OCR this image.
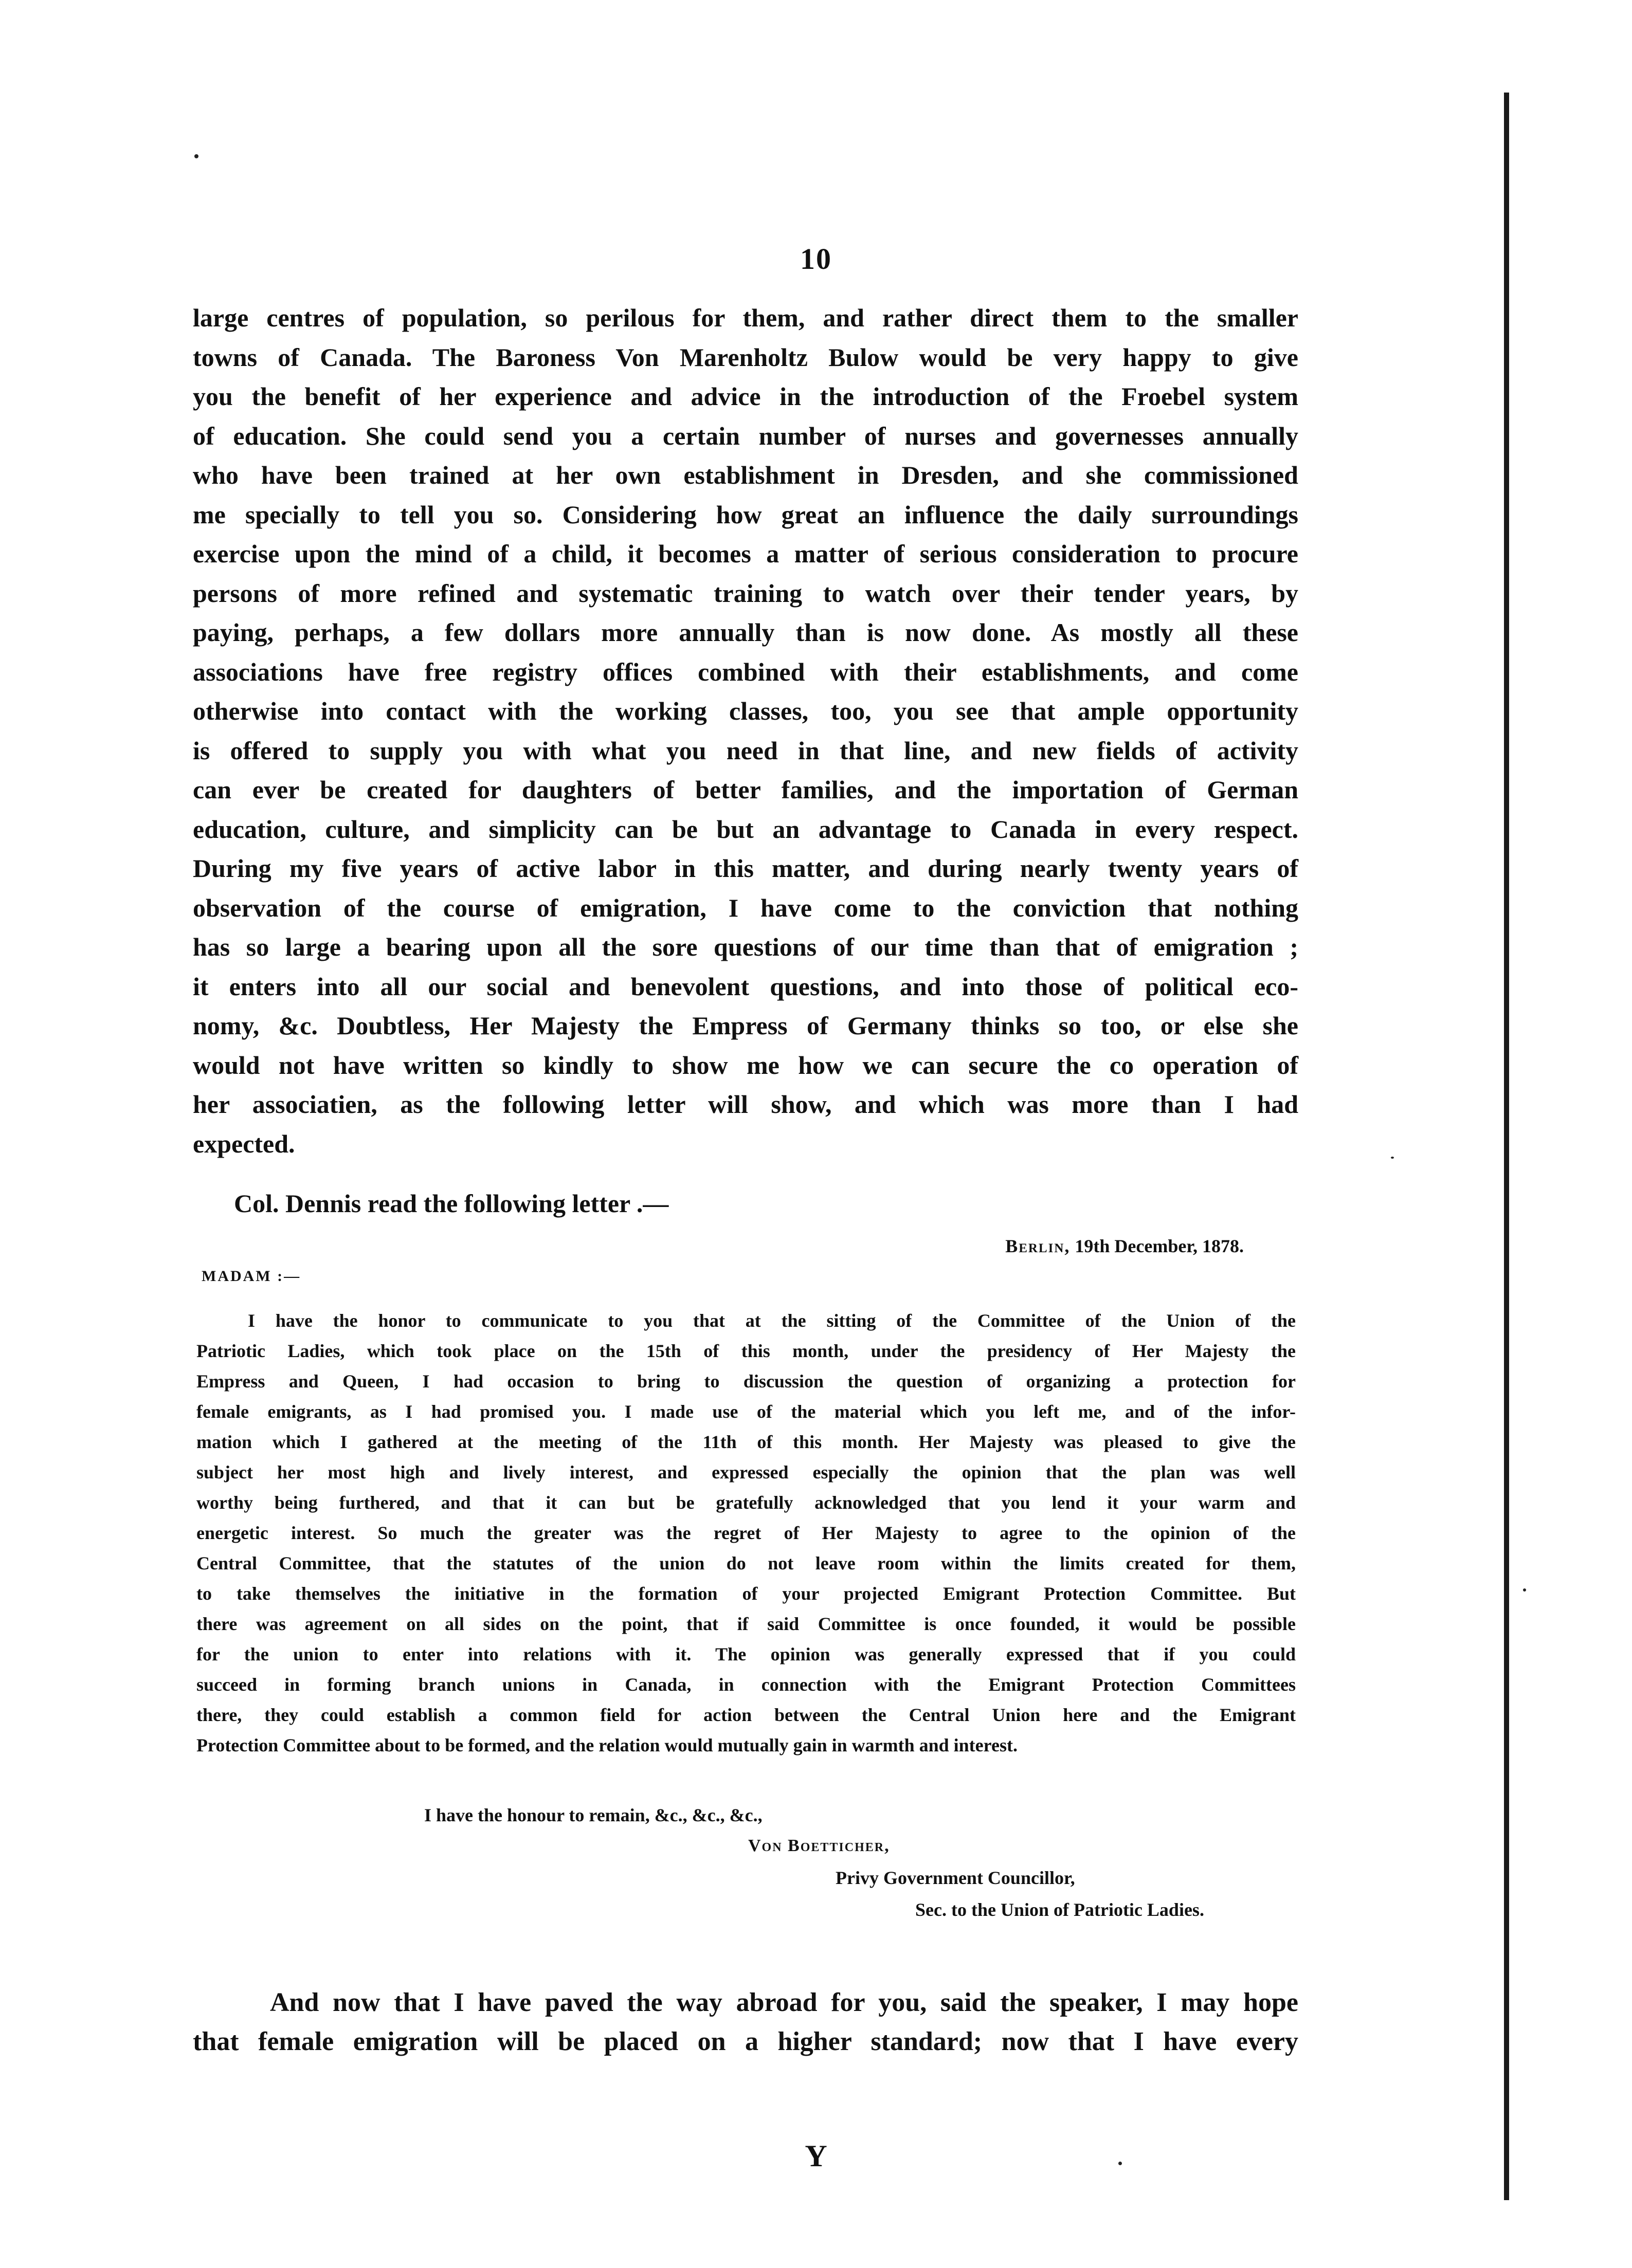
10
large centres of population, so perilous for them, and rather direct them to the smaller
towns of Canada. The Baroness Von Marenholtz Bulow would be very happy to give
you the benefit of her experience and advice in the introduction of the Froebel system
of education. She could send you a certain number of nurses and governesses annually
who have been trained at her own establishment in Dresden, and she commissioned
me specially to tell you so. Considering how great an influence the daily surroundings
exercise upon the mind of a child, it becomes a matter of serious consideration to procure
persons of more refined and systematic training to watch over their tender years, by
paying, perhaps, a few dollars more annually than is now done. As mostly all these
associations have free registry offices combined with their establishments, and come
otherwise into contact with the working classes, too, you see that ample opportunity
is offered to supply you with what you need in that line, and new fields of activity
can ever be created for daughters of better families, and the importation of German
education, culture, and simplicity can be but an advantage to Canada in every respect.
During my five years of active labor in this matter, and during nearly twenty years of
observation of the course of emigration, I have come to the conviction that nothing
has so large a bearing upon all the sore questions of our time than that of emigration ;
it enters into all our social and benevolent questions, and into those of political eco-
nomy, &c. Doubtless, Her Majesty the Empress of Germany thinks so too, or else she
would not have written so kindly to show me how we can secure the co operation of
her associatien, as the following letter will show, and which was more than I had
expected.
Col. Dennis read the following letter .—
Berlin, 19th December, 1878.
MADAM :—
I have the honor to communicate to you that at the sitting of the Committee of the Union of the
Patriotic Ladies, which took place on the 15th of this month, under the presidency of Her Majesty the
Empress and Queen, I had occasion to bring to discussion the question of organizing a protection for
female emigrants, as I had promised you. I made use of the material which you left me, and of the infor-
mation which I gathered at the meeting of the 11th of this month. Her Majesty was pleased to give the
subject her most high and lively interest, and expressed especially the opinion that the plan was well
worthy being furthered, and that it can but be gratefully acknowledged that you lend it your warm and
energetic interest. So much the greater was the regret of Her Majesty to agree to the opinion of the
Central Committee, that the statutes of the union do not leave room within the limits created for them,
to take themselves the initiative in the formation of your projected Emigrant Protection Committee. But
there was agreement on all sides on the point, that if said Committee is once founded, it would be possible
for the union to enter into relations with it. The opinion was generally expressed that if you could
succeed in forming branch unions in Canada, in connection with the Emigrant Protection Committees
there, they could establish a common field for action between the Central Union here and the Emigrant
Protection Committee about to be formed, and the relation would mutually gain in warmth and interest.
I have the honour to remain, &c., &c., &c.,
Von Boetticher,
Privy Government Councillor,
Sec. to the Union of Patriotic Ladies.
And now that I have paved the way abroad for you, said the speaker, I may hope
that female emigration will be placed on a higher standard; now that I have every
Y
